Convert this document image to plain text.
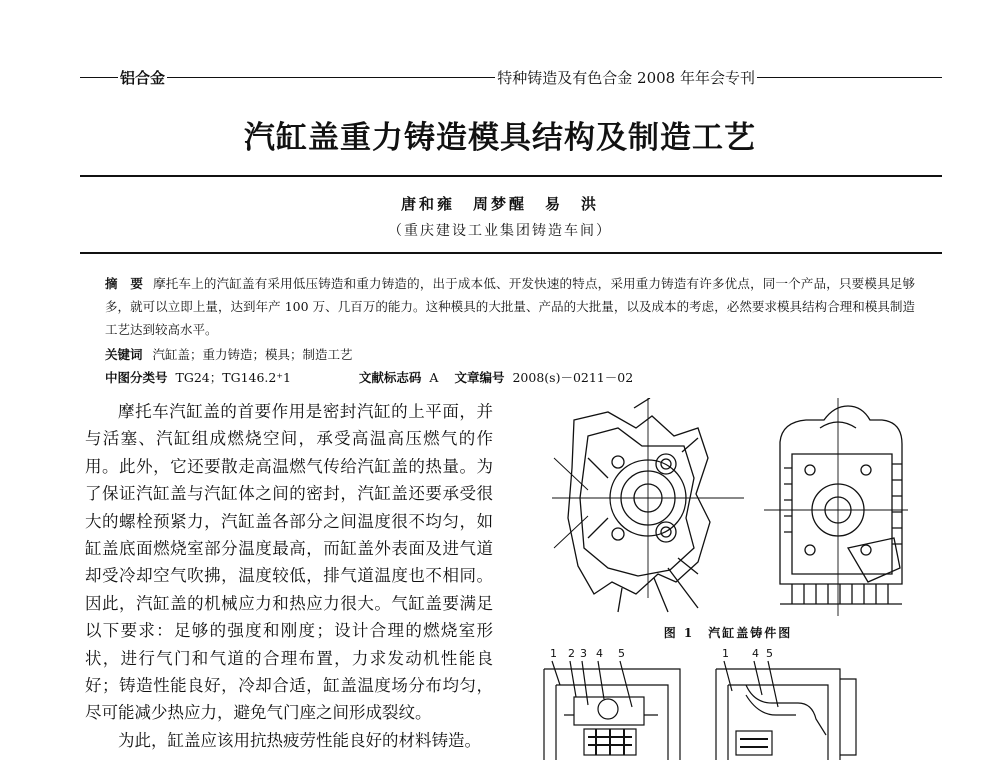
铝合金	特种铸造及有色合金 2008 年年会专刊
汽缸盖重力铸造模具结构及制造工艺
唐和雍　周梦醒　易　洪
（重庆建设工业集团铸造车间）
摘　要 摩托车上的汽缸盖有采用低压铸造和重力铸造的，出于成本低、开发快速的特点，采用重力铸造有许多优点，同一个产品，只要模具足够多，就可以立即上量，达到年产 100 万、几百万的能力。这种模具的大批量、产品的大批量，以及成本的考虑，必然要求模具结构合理和模具制造工艺达到较高水平。
关键词 汽缸盖；重力铸造；模具；制造工艺
中图分类号 TG24；TG146.2⁺1	文献标志码 A 文章编号 2008(s)－0211－02

摩托车汽缸盖的首要作用是密封汽缸的上平面，并与活塞、汽缸组成燃烧空间，承受高温高压燃气的作用。此外，它还要散走高温燃气传给汽缸盖的热量。为了保证汽缸盖与汽缸体之间的密封，汽缸盖还要承受很大的螺栓预紧力，汽缸盖各部分之间温度很不均匀，如缸盖底面燃烧室部分温度最高，而缸盖外表面及进气道却受冷却空气吹拂，温度较低，排气道温度也不相同。因此，汽缸盖的机械应力和热应力很大。气缸盖要满足以下要求：足够的强度和刚度；设计合理的燃烧室形状，进行气门和气道的合理布置，力求发动机性能良好；铸造性能良好，冷却合适，缸盖温度场分布均匀，尽可能减少热应力，避免气门座之间形成裂纹。

为此，缸盖应该用抗热疲劳性能良好的材料铸造。

图 1　汽缸盖铸件图
1 2 3 4 5	1 4 5
